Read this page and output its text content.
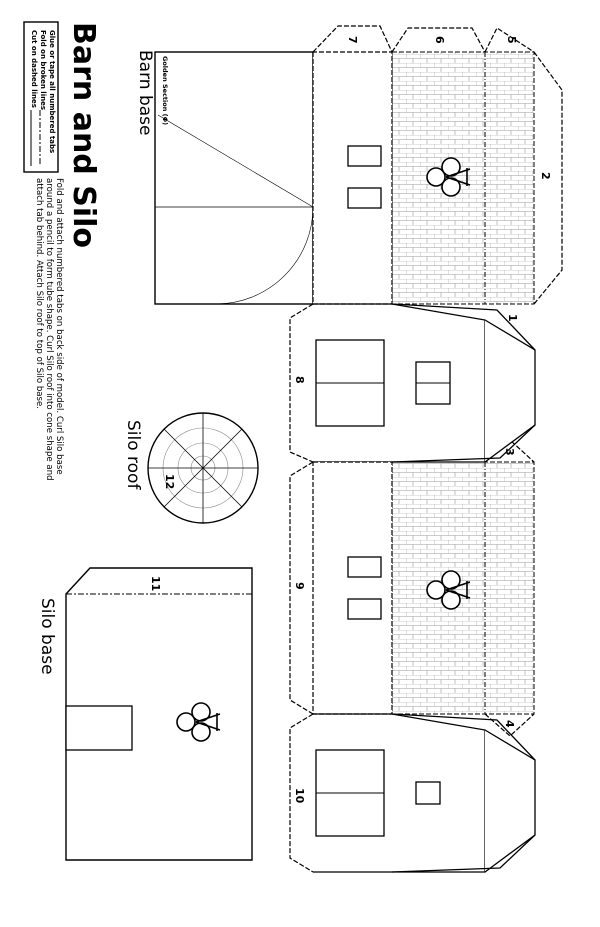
Barn and Silo
Cut on dashed lines Fold on broken lines Glue or tape all numbered tabs
Fold and attach numbered tabs on back side of model. Curl Silo base
around a pencil to form tube shape. Curl Silo roof into cone shape and
attach tab behind. Attach Silo roof to top of Silo base.
Barn base Golden Section (Φ)
Silo roof
Silo base
1
2
3
4
5
6
7
8
9
10
11
12
